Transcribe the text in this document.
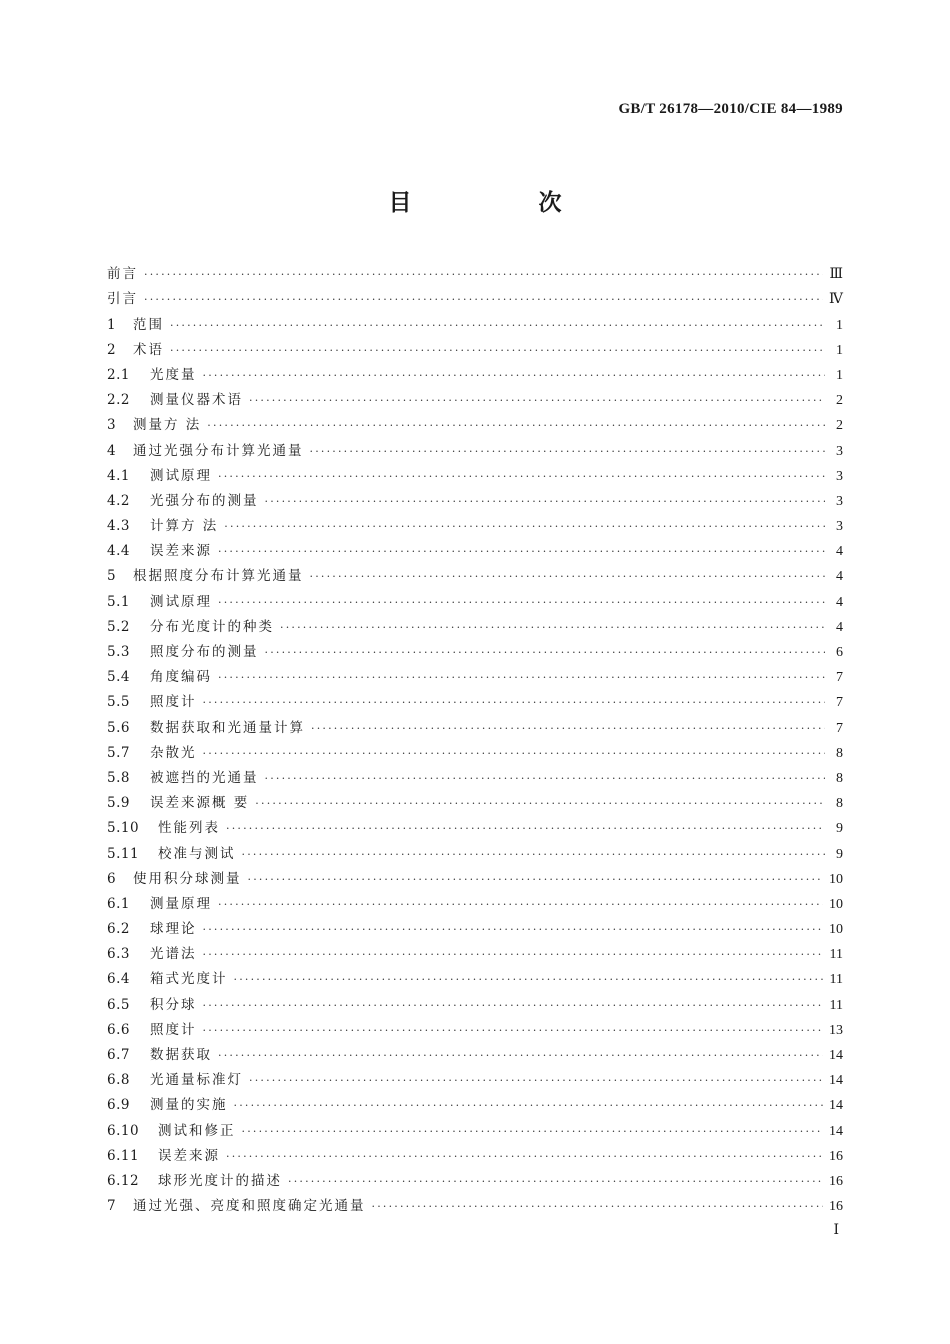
GB/T 26178—2010/CIE 84—1989
目　次
前言 ·····	Ⅲ
引言 ·····	Ⅳ
1	范围 ·····	1
2	术语 ·····	1
2.1	光度量 ·····	1
2.2	测量仪器术语 ·····	2
3	测量方 法 ·····	2
4	通过光强分布计算光通量 ·····	3
4.1	测试原理 ·····	3
4.2	光强分布的测量 ·····	3
4.3	计算方 法 ·····	3
4.4	误差来源 ·····	4
5	根据照度分布计算光通量 ·····	4
5.1	测试原理 ·····	4
5.2	分布光度计的种类 ·····	4
5.3	照度分布的测量 ·····	6
5.4	角度编码 ·····	7
5.5	照度计 ·····	7
5.6	数据获取和光通量计算 ·····	7
5.7	杂散光 ·····	8
5.8	被遮挡的光通量 ·····	8
5.9	误差来源概 要 ·····	8
5.10	性能列表 ·····	9
5.11	校准与测试 ·····	9
6	使用积分球测量 ·····	10
6.1	测量原理 ·····	10
6.2	球理论 ·····	10
6.3	光谱法 ·····	11
6.4	箱式光度计 ·····	11
6.5	积分球 ·····	11
6.6	照度计 ·····	13
6.7	数据获取 ·····	14
6.8	光通量标准灯 ·····	14
6.9	测量的实施 ·····	14
6.10	测试和修正 ·····	14
6.11	误差来源 ·····	16
6.12	球形光度计的描述 ·····	16
7	通过光强、亮度和照度确定光通量 ·····	16
Ⅰ
